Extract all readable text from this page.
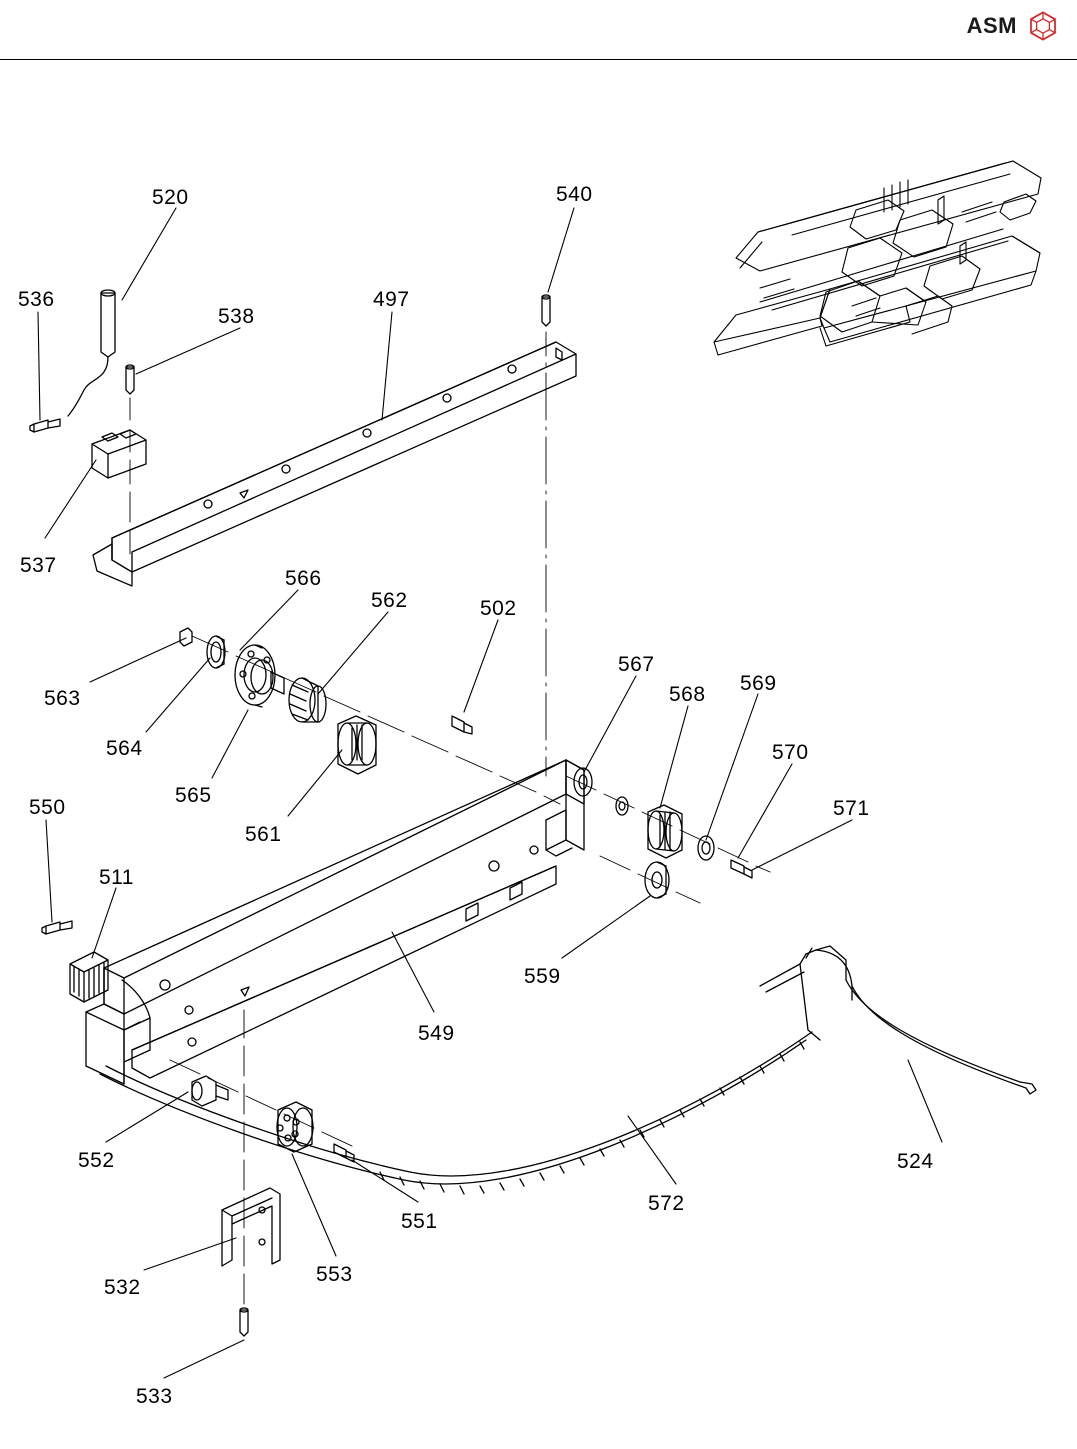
ASM
520	540
536
538
497
537
566
562	502
567
568 569
570
571
563
564
565
561
550
511
559
549
524
572
552
532
553
551
533
